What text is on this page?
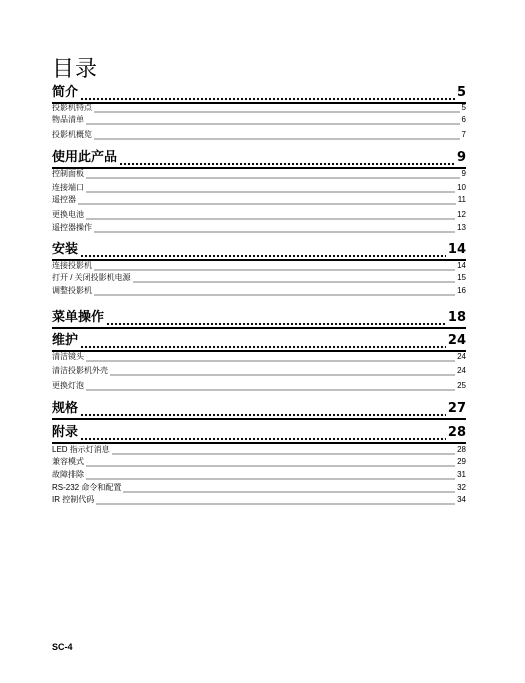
目录
简介	5
投影机特点	5
物品清单	6
投影机概览	7
使用此产品	9
控制面板	9
连接端口	10
遥控器	11
更换电池	12
遥控器操作	13
安装	14
连接投影机	14
打开 / 关闭投影机电源	15
调整投影机	16
菜单操作	18
维护	24
清洁镜头	24
清洁投影机外壳	24
更换灯泡	25
规格	27
附录	28
LED 指示灯消息	28
兼容模式	29
故障排除	31
RS-232 命令和配置	32
IR 控制代码	34
SC-4
